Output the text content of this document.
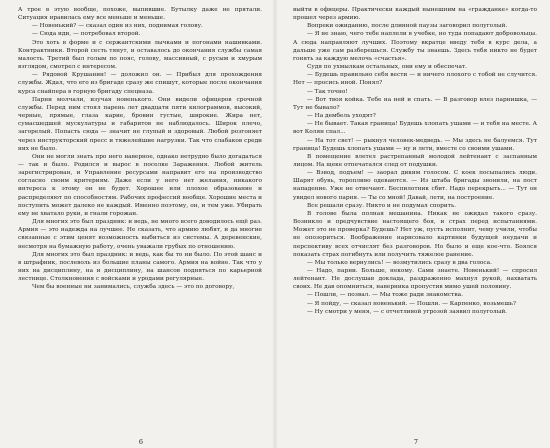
А трое в этую вообще, похоже, выпившие. Бутылку даже не прятали. Ситуация нравилась ему все меньше и меньше.

— Новенький? — сказал один из них, поднимая голову.

— Сюда иди, — потребовал второй.

Это хоть в форме и с сержантскими лычками и погонами нашивками. Контрактники. Второй сесть тянут, и оставалось до окончания службы самая малость. Третий был голым по пояс, голову, массивный, с русым и хмурым взглядом, смотрел с интересом.

— Рядовой Крушанин! — доложил он. — Прибыл для прохождения службы. Ждал, что его из бригаде сразу же спишут, которые после окончания курса снайпера в горную бригаду спецназа.

Парни молчали, изучая новенького. Они видели офицеров срочной службы. Перед ним стоял парень лет двадцати пяти килограммов, высокий, черные, прямые, глаза карие, бровин густые, широкие. Жира нет, сумасшедшей мускулатуры и габаритов не наблюдалось. Широк плечо, загорелый. Попасть сюда — значит не глупый и здоровый. Любой розгоняет через инструкторский пресс и тяжелейшие нагрузки. Так что слабаков среди них не было.

Они не могли знать про него наверное, однако нетрудно было догадаться — так и было. Родился и вырос в поселке Заражения. Любой житель зарегистрирован, и Управление ресурсами направит его на производство согласно своим критериям. Даже если у него нет желания, никакого интереса к этому он не будет. Хорошее или плохое образование и распределяют по способностям. Рабочих профессий вообще. Хорошие места и поступить может далеко не каждый. Именно поэтому, он, и тем уже. Убирать ему не хватало руки, и гнали горожан.

Для многих это был праздник: и ведь, не много всего доводилось ещё раз. Армия — это надежда на лучшее. Не сказать, что армию любят, и да многие связанные с этим ценят возможность выбиться из системы. А деревенские, несмотря на бумажную работу, очень уважали грубых по отношению.

Для многих это был праздник: и ведь, как бы то ни было. По этой шанс и в штрафник, послеволь из большие планы самого. Армия на войне. Так что у них на дисциплину, на и дисциплину, на шансов подняться по карьерной лестнице. Столкновения с войсками и уродами регулярные.

Чем бы военные ни занимались, служба здесь — это по договору,

выйти в офицеры. Практически каждый нынешним на «гражданке» когда-то прошел через армию.

Вопреки ожиданию, после длинной паузы заговорил полуголый.

— Я не знаю, чего тебе наплели в учебке, но туда попадают добровольцы. А сюда направляют лучших. Поэтому вкратце введу тебя в курс дела, а дальше уже сам разберешься. Службу ты знаешь. Здесь тебя никто не будет гонять за каждую мелочь «счастья».

Судя по ухмылкам остальных, они ему и обеспечат.

— Будешь правильно себя вести — и ничего плохого с тобой не случится. Нет — просись иной. Понял?

— Так точно!

— Вот твоя койка. Тебе на ней и спать. — В разговор влез парнишка, — Тут не бывало?

— На дембель уходят?

— Не бывает. Такая граница! Будешь хлопать ушами — и тебя на месте. А вот Колян спал...

— На тот свет! — рыкнул человек-медведь. — Мы здесь не балуемся. Тут граница! Будешь хлопать ушами — ну и лети, вместе со своими ушами.

В помещение влетел растрепанный молодой лейтенант с заспанным лицом. На щеке отпечатался след от подушки.

— Взвод, подъем! — заорал диким голосом. С коек посыпались люди. Шарят обувь, торопливо одеваются. — Из штаба бригады звонили, на пост нападение. Уже не отвечают. Беспилотник сбит. Надо перекрыть... — Тут он увидел нового парня. — Ты со мной! Давай, лети, на построение.

Все решали сразу. Никто и не подумал спорить.

В голове была полная мешанина. Никак не ожидал такого сразу. Возникло и предчувствие настоящего боя, и страх перед испытаниями. Может это не проверка? Будешь? Нет уж, пусть исполнит, чему учили, чтобы не опозориться. Воображение нарисовало картинки будущей неудачи и перспективу всех отчислят без разговоров. Но было и еще кое-что. Боялся показать страх погибнуть или получить тяжелое ранение.

— Мы только вернулись! — возмутились сразу в два голоса.

— Надо, парни. Больше, некому. Сами знаете. Новенький! — спросил лейтенант. Не дослушав доклада, раздраженно махнул рукой, нахватать своих. Не дав опомниться, наверника пропустив мимо ушей половину.

— Пошли, — позвал. — Мы тоже ради знакомства.

— Я пойду, — сказал новенький. — Пошли. — Карпенко, возьмешь?

— Ну смотри у меня, — с отчетливой угрозой заявил полуголый.

6	7
